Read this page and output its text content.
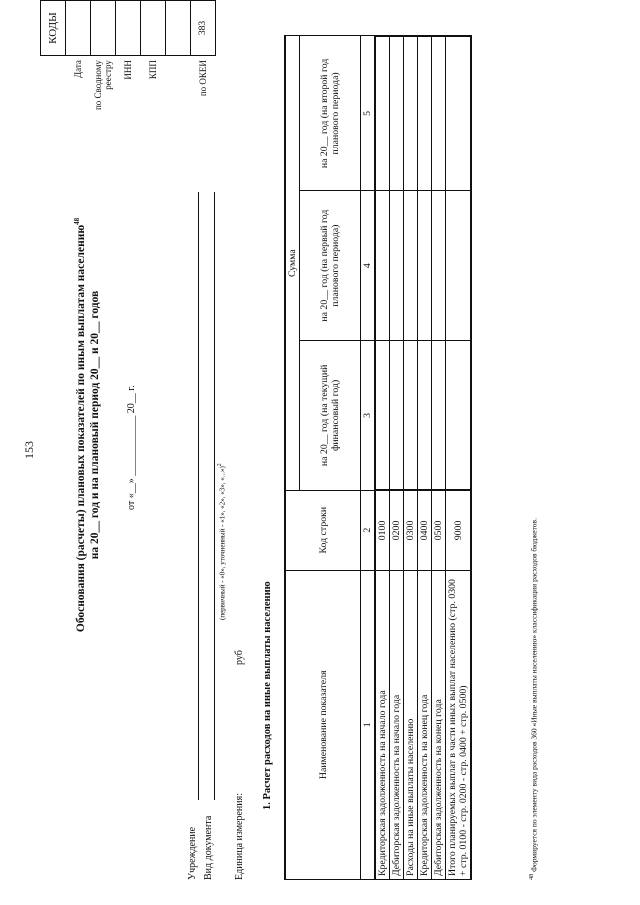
153	Обоснования (расчеты) плановых показателей по иным выплатам населению$^{48}$
на 20__ год и на плановый период 20__ и 20__ годов	от «__» ____________ 20__ г.
	КОДЫ
Дата	
по Сводному реестру	
ИНН	
КПП	

по ОКЕИ	383
Учреждение Вид документа
(первичный - «0», уточненный - «1», «2», «3», «...»)$^2$
Единица измерения:
руб 1. Расчет расходов на иные выплаты населению	Наименование показателя	Код строки	Сумма		
		на 20__ год (на текущий финансовый год)	на 20__ год (на первый год планового периода)	на 20__ год (на второй год планового периода)
1	2	3	4	5
Кредиторская задолженность на начало года	0100			
Дебиторская задолженность на начало года	0200			
Расходы на иные выплаты населению	0300			
Кредиторская задолженность на конец года	0400			
Дебиторская задолженность на конец года	0500			
Итого планируемых выплат в части иных выплат населению (стр. 0300 + стр. 0100 - стр. 0200 - стр. 0400 + стр. 0500)	9000			
$^{48}$ Формируется по элементу вида расходов 360 «Иные выплаты населению» классификации расходов бюджетов.
